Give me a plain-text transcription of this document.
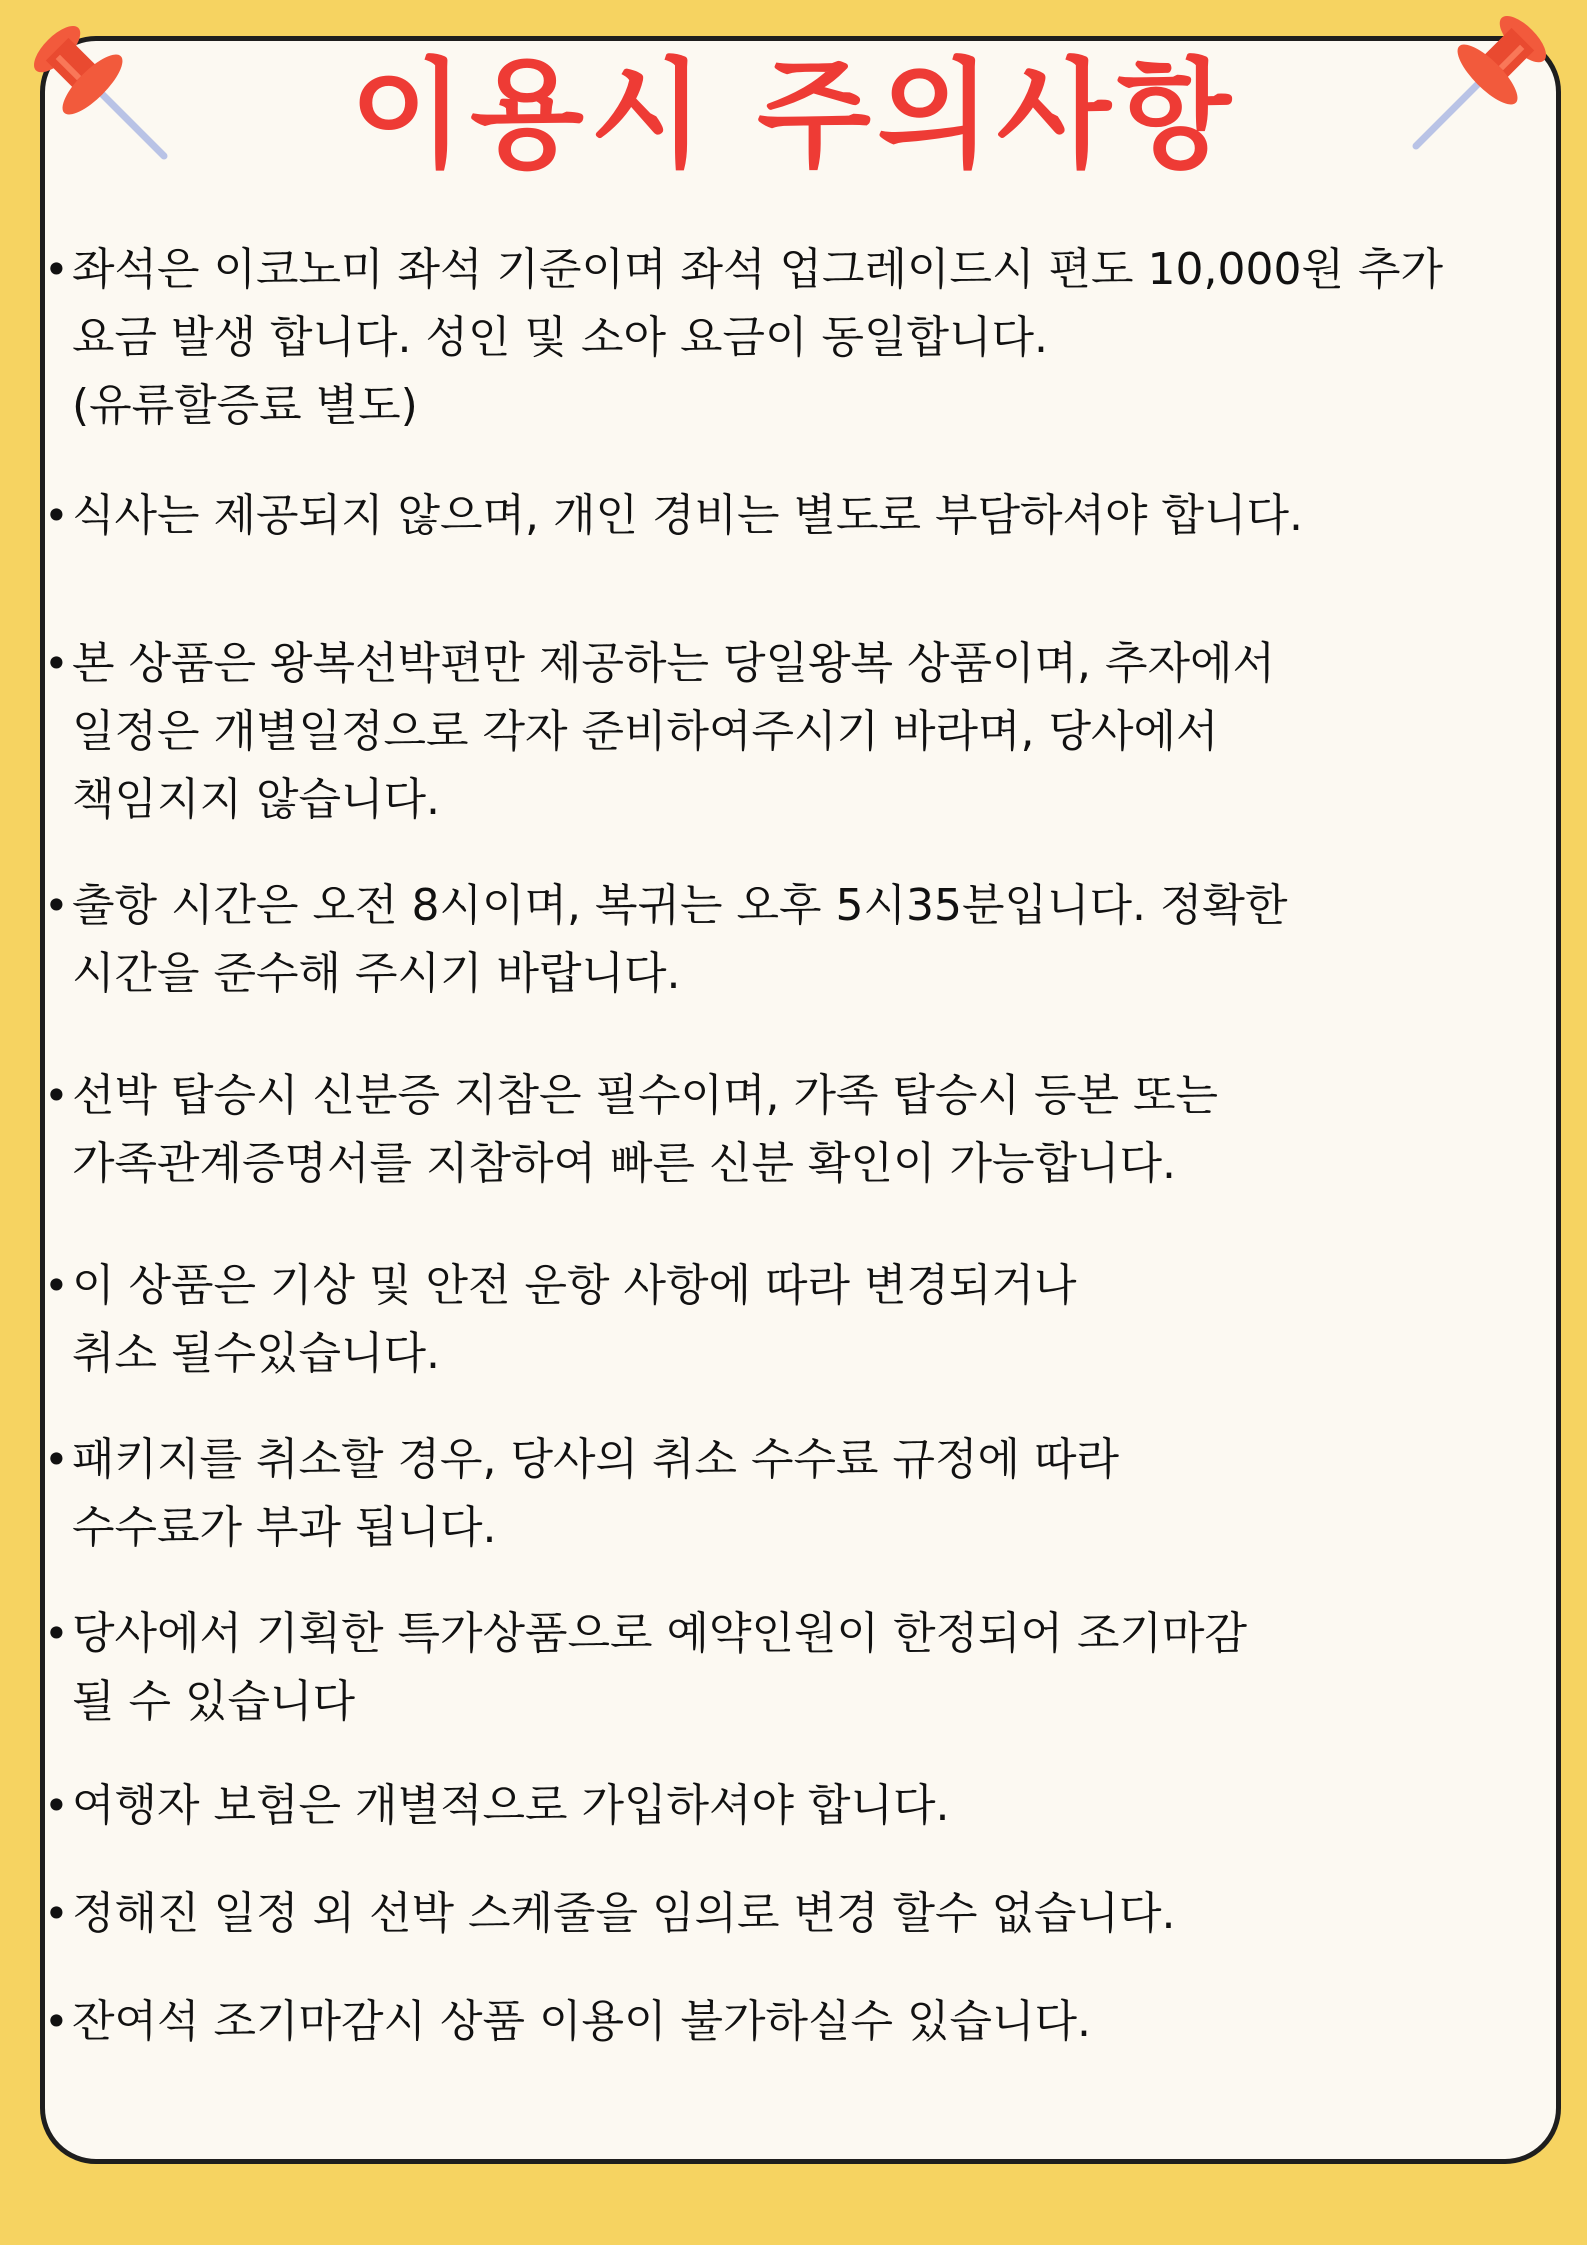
이용시 주의사항
• 좌석은 이코노미 좌석 기준이며 좌석 업그레이드시 편도 10,000원 추가
요금 발생 합니다. 성인 및 소아 요금이 동일합니다.
(유류할증료 별도)
• 식사는 제공되지 않으며, 개인 경비는 별도로 부담하셔야 합니다.
• 본 상품은 왕복선박편만 제공하는 당일왕복 상품이며, 추자에서
일정은 개별일정으로 각자 준비하여주시기 바라며, 당사에서
책임지지 않습니다.
• 출항 시간은 오전 8시이며, 복귀는 오후 5시35분입니다. 정확한
시간을 준수해 주시기 바랍니다.
• 선박 탑승시 신분증 지참은 필수이며, 가족 탑승시 등본 또는
가족관계증명서를 지참하여 빠른 신분 확인이 가능합니다.
• 이 상품은 기상 및 안전 운항 사항에 따라 변경되거나
취소 될수있습니다.
• 패키지를 취소할 경우, 당사의 취소 수수료 규정에 따라
수수료가 부과 됩니다.
• 당사에서 기획한 특가상품으로 예약인원이 한정되어 조기마감
될 수 있습니다
• 여행자 보험은 개별적으로 가입하셔야 합니다.
• 정해진 일정 외 선박 스케줄을 임의로 변경 할수 없습니다.
• 잔여석 조기마감시 상품 이용이 불가하실수 있습니다.
